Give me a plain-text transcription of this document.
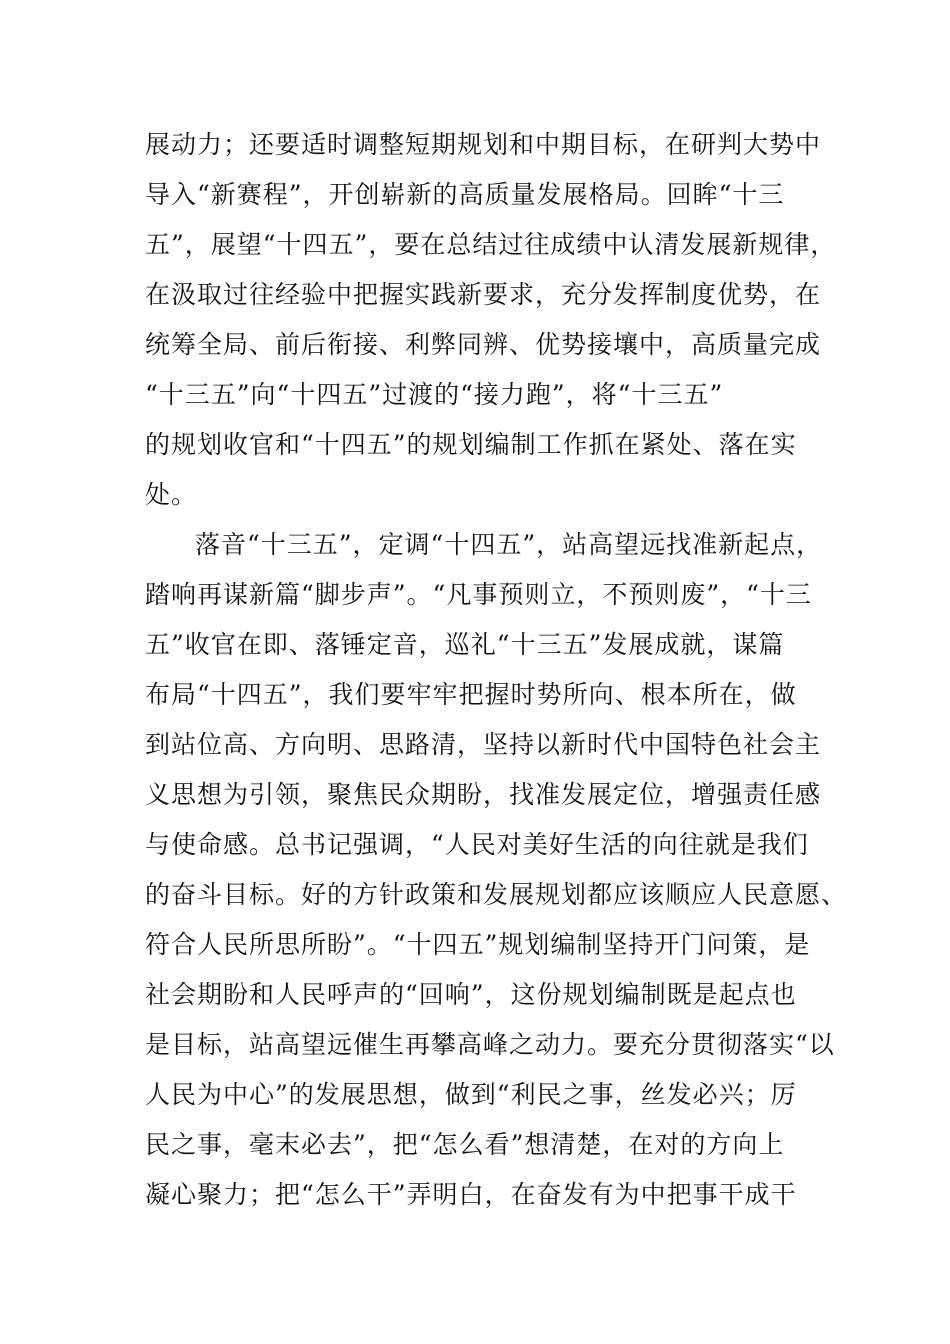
展动力；还要适时调整短期规划和中期目标，在研判大势中
导入“新赛程”，开创崭新的高质量发展格局。回眸“十三
五”，展望“十四五”，要在总结过往成绩中认清发展新规律，
在汲取过往经验中把握实践新要求，充分发挥制度优势，在
统筹全局、前后衔接、利弊同辨、优势接壤中，高质量完成
“十三五”向“十四五”过渡的“接力跑”，将“十三五”
的规划收官和“十四五”的规划编制工作抓在紧处、落在实
处。
落音“十三五”，定调“十四五”，站高望远找准新起点，
踏响再谋新篇“脚步声”。“凡事预则立，不预则废”，“十三
五”收官在即、落锤定音，巡礼“十三五”发展成就，谋篇
布局“十四五”，我们要牢牢把握时势所向、根本所在，做
到站位高、方向明、思路清，坚持以新时代中国特色社会主
义思想为引领，聚焦民众期盼，找准发展定位，增强责任感
与使命感。总书记强调，“人民对美好生活的向往就是我们
的奋斗目标。好的方针政策和发展规划都应该顺应人民意愿、
符合人民所思所盼”。“十四五”规划编制坚持开门问策，是
社会期盼和人民呼声的“回响”，这份规划编制既是起点也
是目标，站高望远催生再攀高峰之动力。要充分贯彻落实“以
人民为中心”的发展思想，做到“利民之事，丝发必兴；厉
民之事，毫末必去”，把“怎么看”想清楚，在对的方向上
凝心聚力；把“怎么干”弄明白，在奋发有为中把事干成干
